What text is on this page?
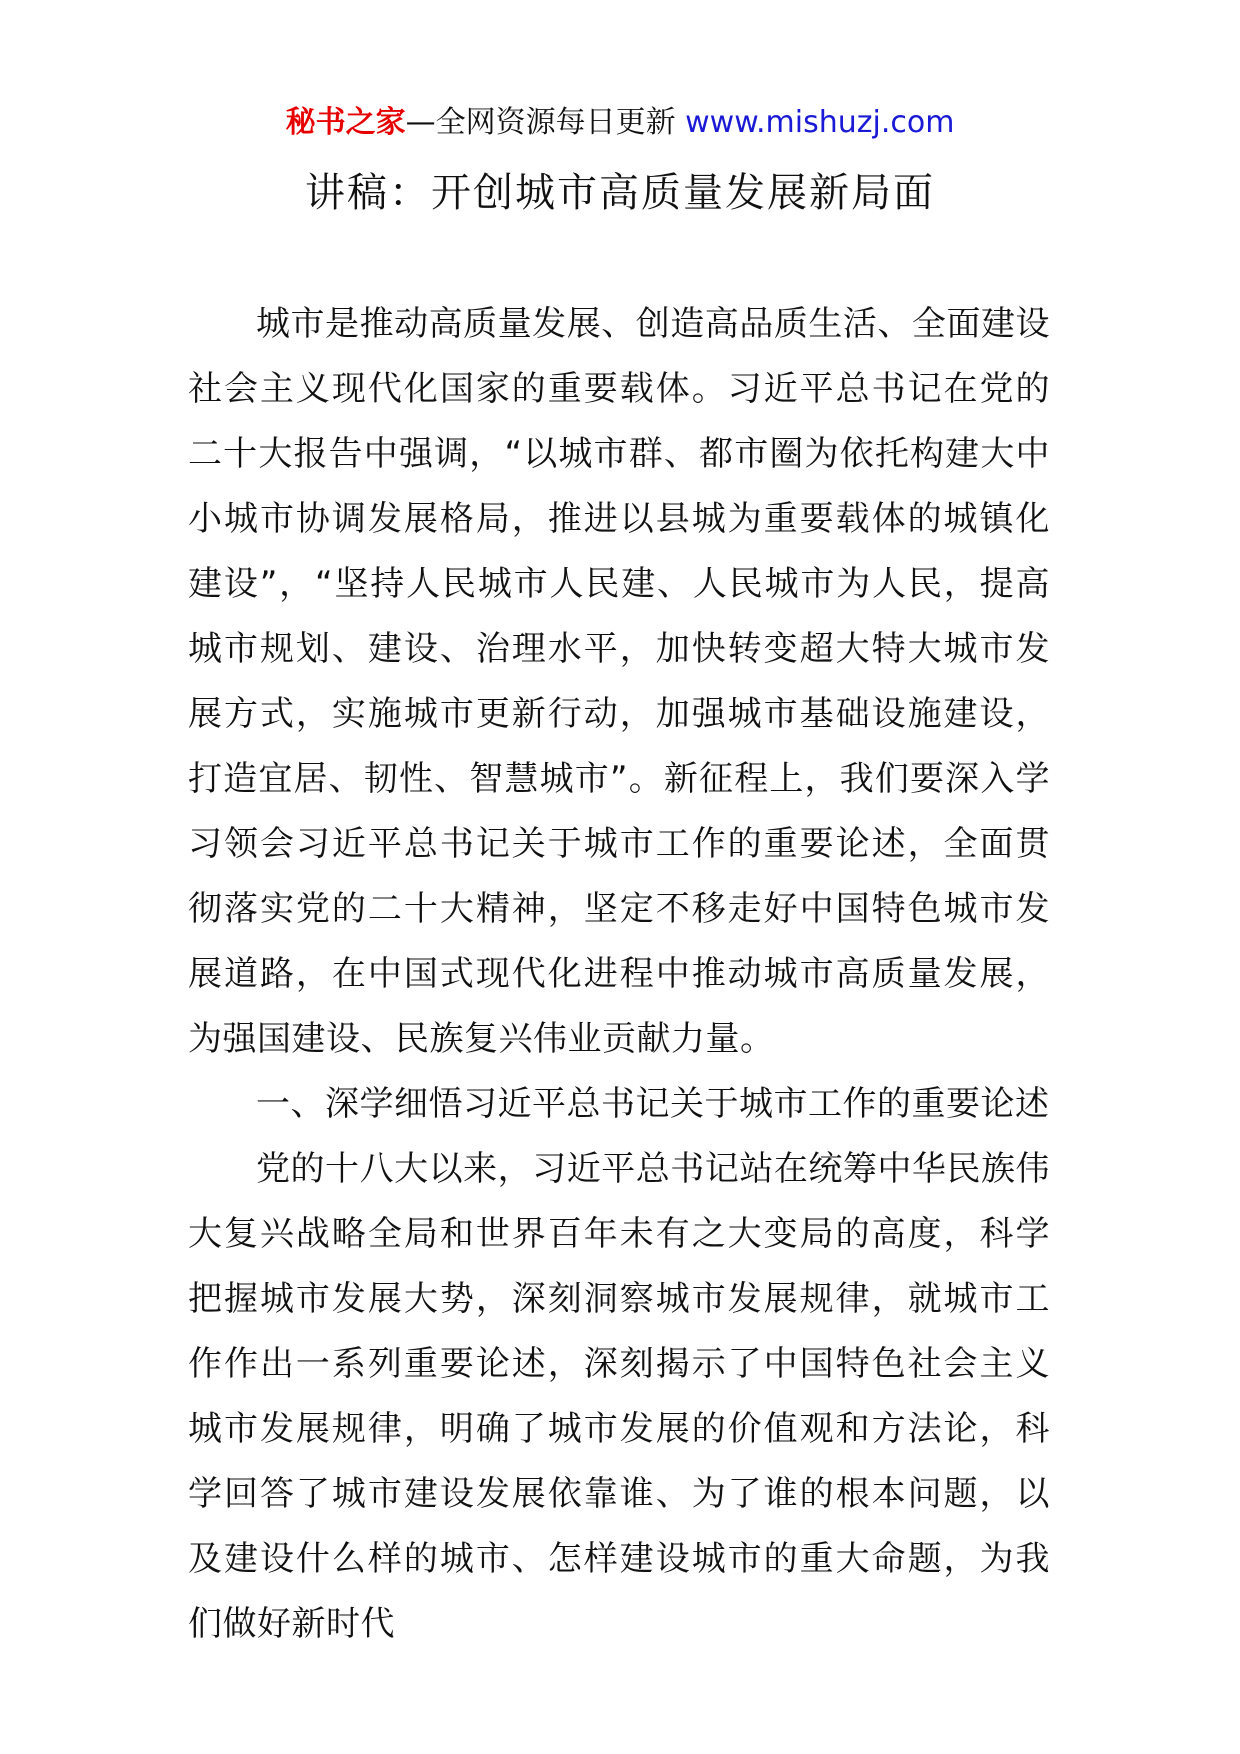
秘书之家—全网资源每日更新 www.mishuzj.com
讲稿：开创城市高质量发展新局面

城市是推动高质量发展、创造高品质生活、全面建设社会主义现代化国家的重要载体。习近平总书记在党的二十大报告中强调，“以城市群、都市圈为依托构建大中小城市协调发展格局，推进以县城为重要载体的城镇化建设”，“坚持人民城市人民建、人民城市为人民，提高城市规划、建设、治理水平，加快转变超大特大城市发展方式，实施城市更新行动，加强城市基础设施建设，打造宜居、韧性、智慧城市”。新征程上，我们要深入学习领会习近平总书记关于城市工作的重要论述，全面贯彻落实党的二十大精神，坚定不移走好中国特色城市发展道路，在中国式现代化进程中推动城市高质量发展，为强国建设、民族复兴伟业贡献力量。

一、深学细悟习近平总书记关于城市工作的重要论述

党的十八大以来，习近平总书记站在统筹中华民族伟大复兴战略全局和世界百年未有之大变局的高度，科学把握城市发展大势，深刻洞察城市发展规律，就城市工作作出一系列重要论述，深刻揭示了中国特色社会主义城市发展规律，明确了城市发展的价值观和方法论，科学回答了城市建设发展依靠谁、为了谁的根本问题，以及建设什么样的城市、怎样建设城市的重大命题，为我们做好新时代
